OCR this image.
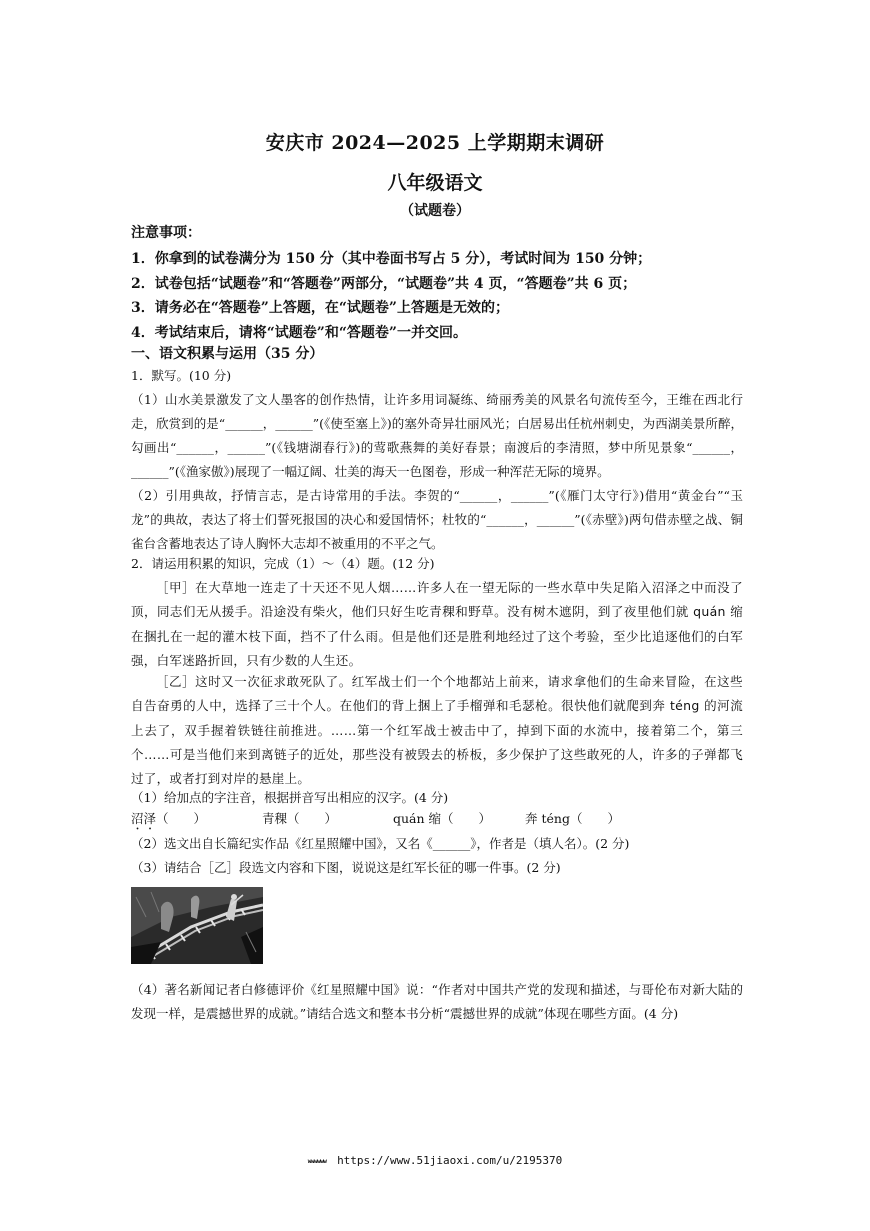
安庆市 2024—2025 上学期期末调研
八年级语文
（试题卷）
注意事项：
1．你拿到的试卷满分为 150 分（其中卷面书写占 5 分），考试时间为 150 分钟；
2．试卷包括“试题卷”和“答题卷”两部分，“试题卷”共 4 页，“答题卷”共 6 页；
3．请务必在“答题卷”上答题，在“试题卷”上答题是无效的；
4．考试结束后，请将“试题卷”和“答题卷”一并交回。
一、语文积累与运用（35 分）
1．默写。(10 分)
（1）山水美景激发了文人墨客的创作热情，让许多用词凝练、绮丽秀美的风景名句流传至今，王维在西北行走，欣赏到的是“______，______”(《使至塞上》)的塞外奇异壮丽风光；白居易出任杭州刺史，为西湖美景所醉，勾画出“______，______”(《钱塘湖春行》)的莺歌燕舞的美好春景；南渡后的李清照，梦中所见景象“______，______”(《渔家傲》)展现了一幅辽阔、壮美的海天一色图卷，形成一种浑茫无际的境界。
（2）引用典故，抒情言志，是古诗常用的手法。李贺的“______，______”(《雁门太守行》)借用“黄金台”“玉龙”的典故，表达了将士们誓死报国的决心和爱国情怀；杜牧的“______，______”(《赤壁》)两句借赤壁之战、铜雀台含蓄地表达了诗人胸怀大志却不被重用的不平之气。
2．请运用积累的知识，完成（1）～（4）题。(12 分)
［甲］在大草地一连走了十天还不见人烟……许多人在一望无际的一些水草中失足陷入沼泽之中而没了顶，同志们无从援手。沿途没有柴火，他们只好生吃青稞和野草。没有树木遮阴，到了夜里他们就 quán 缩在捆扎在一起的灌木枝下面，挡不了什么雨。但是他们还是胜利地经过了这个考验，至少比追逐他们的白军强，白军迷路折回，只有少数的人生还。
［乙］这时又一次征求敢死队了。红军战士们一个个地都站上前来，请求拿他们的生命来冒险，在这些自告奋勇的人中，选择了三十个人。在他们的背上捆上了手榴弹和毛瑟枪。很快他们就爬到奔 téng 的河流上去了，双手握着铁链往前推进。……第一个红军战士被击中了，掉到下面的水流中，接着第二个，第三个……可是当他们来到离链子的近处，那些没有被毁去的桥板，多少保护了这些敢死的人，许多的子弹都飞过了，或者打到对岸的悬崖上。
（1）给加点的字注音，根据拼音写出相应的汉字。(4 分)
沼泽（　　）	青稞（　　）	quán 缩（　　）	奔 téng（　　）
（2）选文出自长篇纪实作品《红星照耀中国》，又名《______》，作者是（填人名）。(2 分)
（3）请结合［乙］段选文内容和下图，说说这是红军长征的哪一件事。(2 分)
（4）著名新闻记者白修德评价《红星照耀中国》说：“作者对中国共产党的发现和描述，与哥伦布对新大陆的发现一样，是震撼世界的成就。”请结合选文和整本书分析“震撼世界的成就”体现在哪些方面。(4 分)
wwwwww https://www.51jiaoxi.com/u/2195370
